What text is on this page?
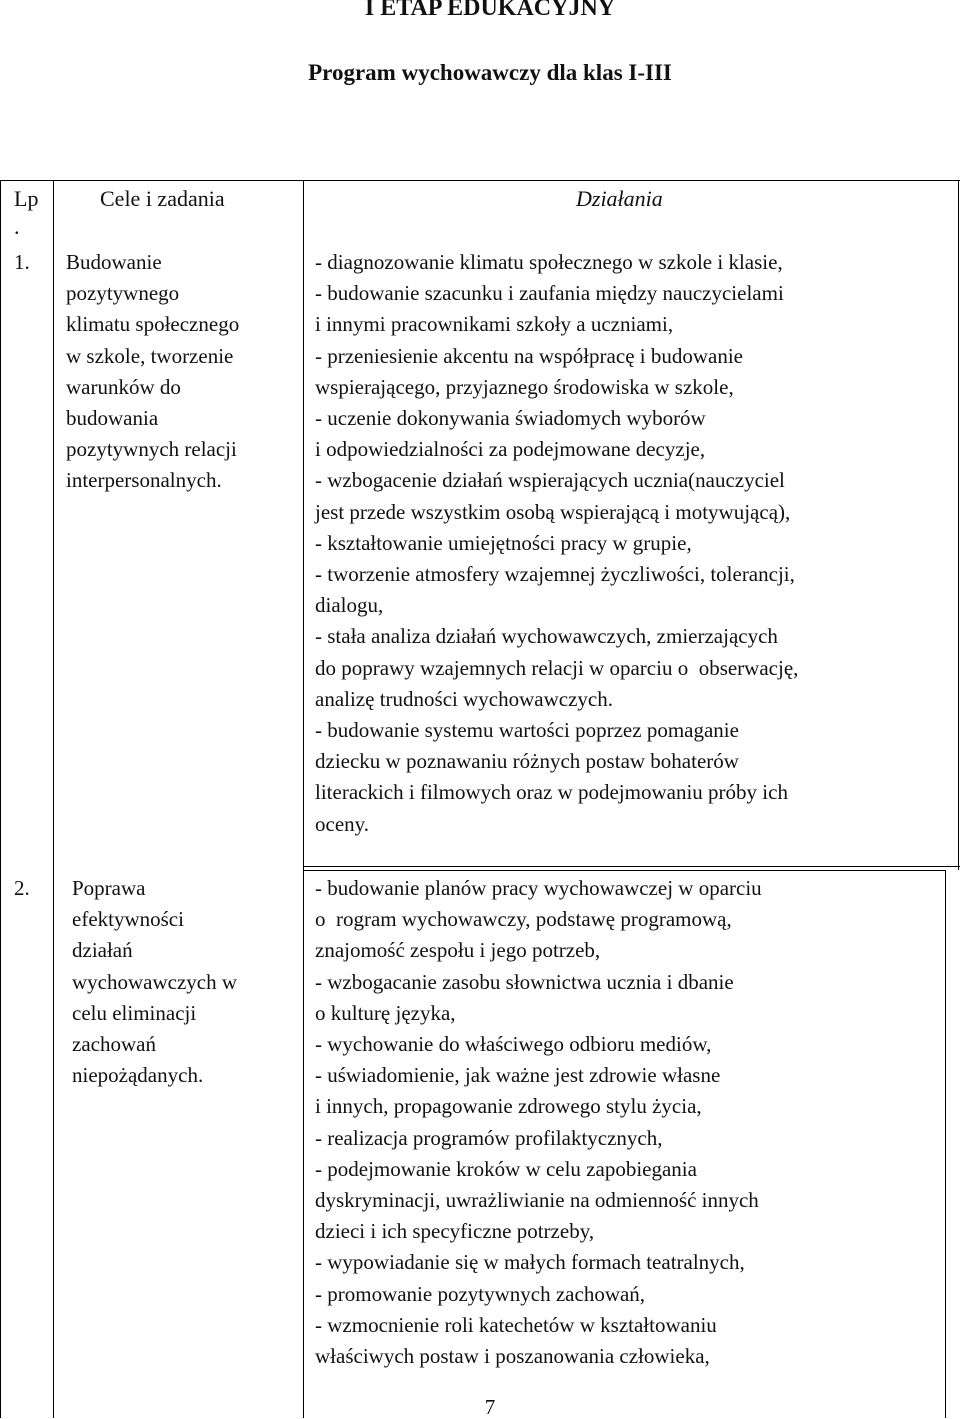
I ETAP EDUKACYJNY
Program wychowawczy dla klas I-III
Lp
.
Cele i zadania	Działania
1. Budowanie
pozytywnego
klimatu społecznego
w szkole, tworzenie
warunków do
budowania
pozytywnych relacji
interpersonalnych.
- diagnozowanie klimatu społecznego w szkole i klasie,
- budowanie szacunku i zaufania między nauczycielami
i innymi pracownikami szkoły a uczniami,
- przeniesienie akcentu na współpracę i budowanie
wspierającego, przyjaznego środowiska w szkole,
- uczenie dokonywania świadomych wyborów
i odpowiedzialności za podejmowane decyzje,
- wzbogacenie działań wspierających ucznia(nauczyciel
jest przede wszystkim osobą wspierającą i motywującą),
- kształtowanie umiejętności pracy w grupie,
- tworzenie atmosfery wzajemnej życzliwości, tolerancji,
dialogu,
- stała analiza działań wychowawczych, zmierzających
do poprawy wzajemnych relacji w oparciu o  obserwację,
analizę trudności wychowawczych.
- budowanie systemu wartości poprzez pomaganie
dziecku w poznawaniu różnych postaw bohaterów
literackich i filmowych oraz w podejmowaniu próby ich
oceny.
2. Poprawa
efektywności
działań
wychowawczych w
celu eliminacji
zachowań
niepożądanych.
- budowanie planów pracy wychowawczej w oparciu
o  rogram wychowawczy, podstawę programową,
znajomość zespołu i jego potrzeb,
- wzbogacanie zasobu słownictwa ucznia i dbanie
o kulturę języka,
- wychowanie do właściwego odbioru mediów,
- uświadomienie, jak ważne jest zdrowie własne
i innych, propagowanie zdrowego stylu życia,
- realizacja programów profilaktycznych,
- podejmowanie kroków w celu zapobiegania
dyskryminacji, uwrażliwianie na odmienność innych
dzieci i ich specyficzne potrzeby,
- wypowiadanie się w małych formach teatralnych,
- promowanie pozytywnych zachowań,
- wzmocnienie roli katechetów w kształtowaniu
właściwych postaw i poszanowania człowieka,
7
